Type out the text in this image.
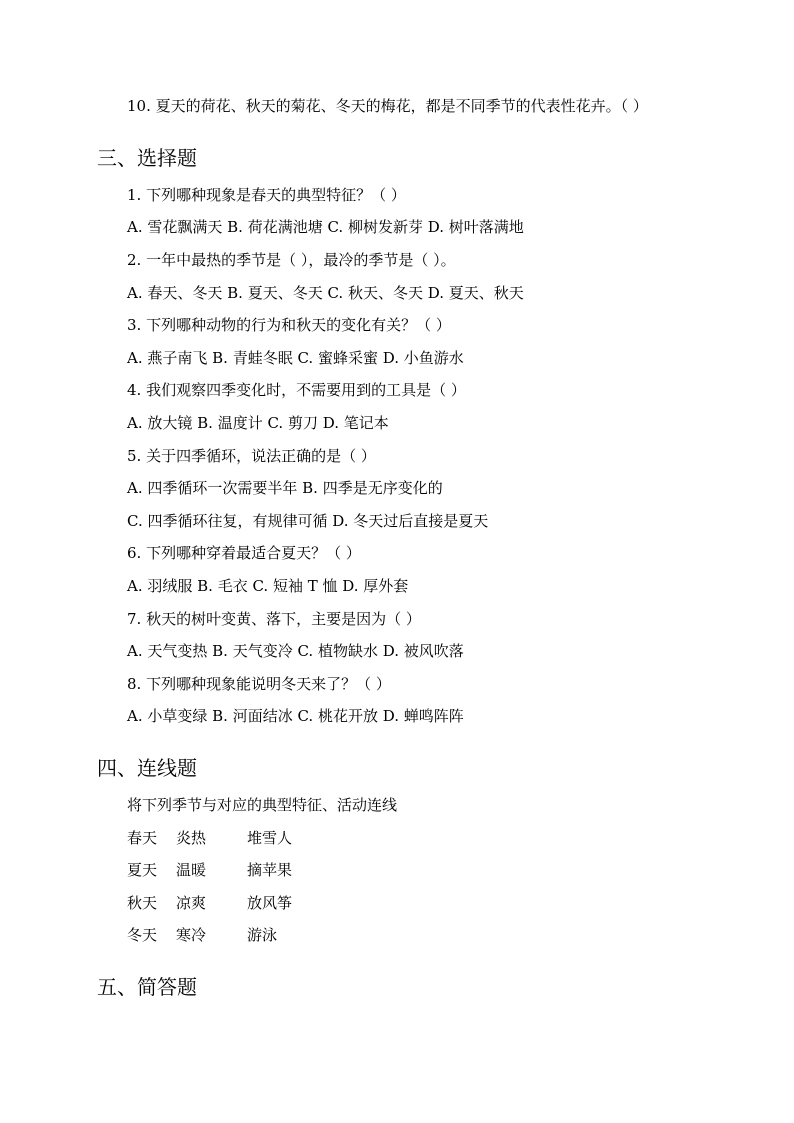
10. 夏天的荷花、秋天的菊花、冬天的梅花，都是不同季节的代表性花卉。（ ）
三、选择题
1. 下列哪种现象是春天的典型特征？（ ）
A. 雪花飘满天 B. 荷花满池塘 C. 柳树发新芽 D. 树叶落满地
2. 一年中最热的季节是（ ），最冷的季节是（ ）。
A. 春天、冬天 B. 夏天、冬天 C. 秋天、冬天 D. 夏天、秋天
3. 下列哪种动物的行为和秋天的变化有关？（ ）
A. 燕子南飞 B. 青蛙冬眠 C. 蜜蜂采蜜 D. 小鱼游水
4. 我们观察四季变化时，不需要用到的工具是（ ）
A. 放大镜 B. 温度计 C. 剪刀 D. 笔记本
5. 关于四季循环，说法正确的是（ ）
A. 四季循环一次需要半年 B. 四季是无序变化的
C. 四季循环往复，有规律可循 D. 冬天过后直接是夏天
6. 下列哪种穿着最适合夏天？（ ）
A. 羽绒服 B. 毛衣 C. 短袖 T 恤 D. 厚外套
7. 秋天的树叶变黄、落下，主要是因为（ ）
A. 天气变热 B. 天气变冷 C. 植物缺水 D. 被风吹落
8. 下列哪种现象能说明冬天来了？（ ）
A. 小草变绿 B. 河面结冰 C. 桃花开放 D. 蝉鸣阵阵
四、连线题
将下列季节与对应的典型特征、活动连线
春天 炎热	堆雪人
夏天 温暖	摘苹果
秋天 凉爽	放风筝
冬天 寒冷	游泳
五、简答题
